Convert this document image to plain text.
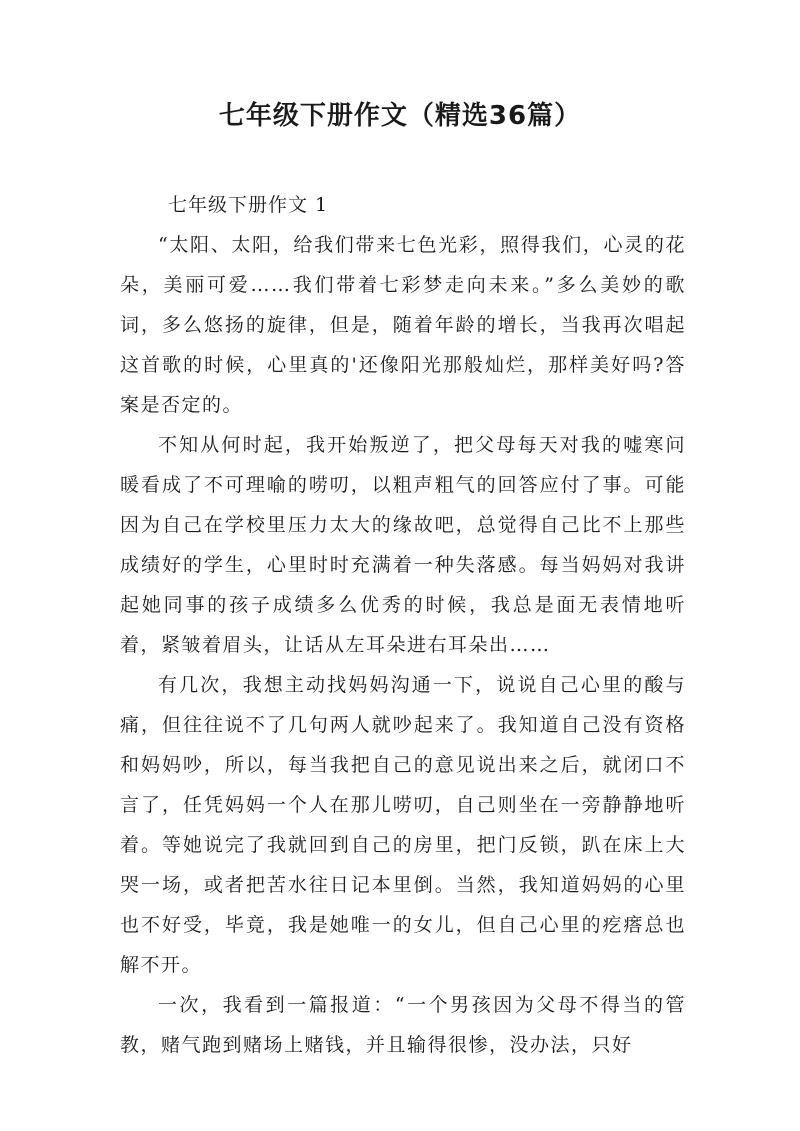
七年级下册作文（精选36篇）
七年级下册作文 1

“太阳、太阳，给我们带来七色光彩，照得我们，心灵的花朵，美丽可爱……我们带着七彩梦走向未来。”多么美妙的歌词，多么悠扬的旋律，但是，随着年龄的增长，当我再次唱起这首歌的时候，心里真的'还像阳光那般灿烂，那样美好吗?答案是否定的。

不知从何时起，我开始叛逆了，把父母每天对我的嘘寒问暖看成了不可理喻的唠叨，以粗声粗气的回答应付了事。可能因为自己在学校里压力太大的缘故吧，总觉得自己比不上那些成绩好的学生，心里时时充满着一种失落感。每当妈妈对我讲起她同事的孩子成绩多么优秀的时候，我总是面无表情地听着，紧皱着眉头，让话从左耳朵进右耳朵出……

有几次，我想主动找妈妈沟通一下，说说自己心里的酸与痛，但往往说不了几句两人就吵起来了。我知道自己没有资格和妈妈吵，所以，每当我把自己的意见说出来之后，就闭口不言了，任凭妈妈一个人在那儿唠叨，自己则坐在一旁静静地听着。等她说完了我就回到自己的房里，把门反锁，趴在床上大哭一场，或者把苦水往日记本里倒。当然，我知道妈妈的心里也不好受，毕竟，我是她唯一的女儿，但自己心里的疙瘩总也解不开。

一次，我看到一篇报道：“一个男孩因为父母不得当的管教，赌气跑到赌场上赌钱，并且输得很惨，没办法，只好
